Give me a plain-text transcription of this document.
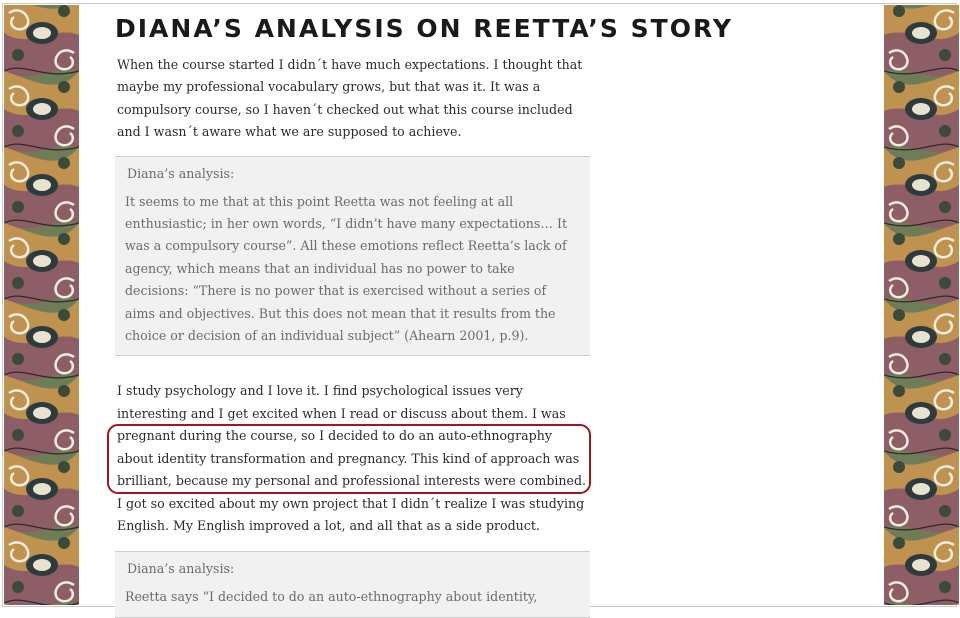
DIANA’S ANALYSIS ON REETTA’S STORY

When the course started I didn´t have much expectations. I thought that maybe my professional vocabulary grows, but that was it. It was a compulsory course, so I haven´t checked out what this course included and I wasn´t aware what we are supposed to achieve.

Diana’s analysis:
It seems to me that at this point Reetta was not feeling at all enthusiastic; in her own words, “I didn’t have many expectations… It was a compulsory course”. All these emotions reflect Reetta’s lack of agency, which means that an individual has no power to take decisions: “There is no power that is exercised without a series of aims and objectives. But this does not mean that it results from the choice or decision of an individual subject” (Ahearn 2001, p.9).
I study psychology and I love it. I find psychological issues very interesting and I get excited when I read or discuss about them. I was pregnant during the course, so I decided to do an auto-ethnography about identity transformation and pregnancy. This kind of approach was brilliant, because my personal and professional interests were combined. I got so excited about my own project that I didn´t realize I was studying English. My English improved a lot, and all that as a side product.
Diana’s analysis:
Reetta says “I decided to do an auto-ethnography about identity,
